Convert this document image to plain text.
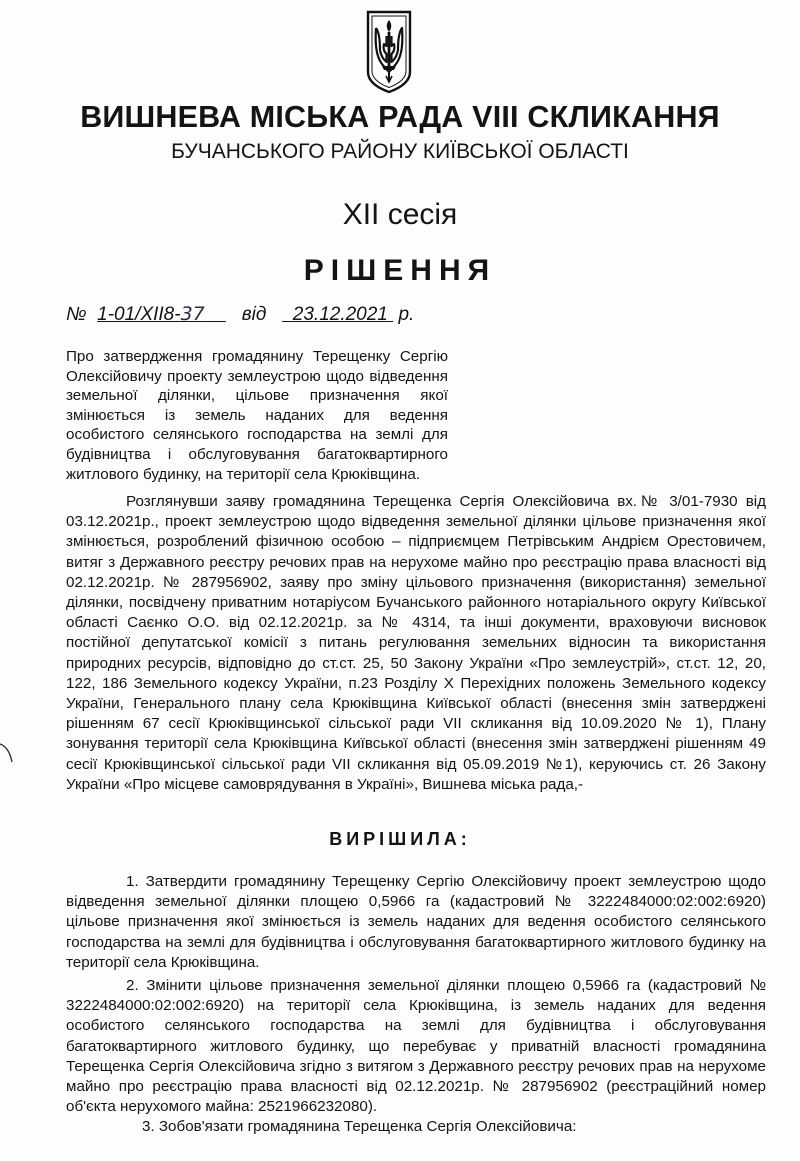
ВИШНЕВА МІСЬКА РАДА VIII СКЛИКАННЯ
БУЧАНСЬКОГО РАЙОНУ КИЇВСЬКОЇ ОБЛАСТІ
XII сесія
РІШЕННЯ
№ 1-01/XII8-37 від 23.12.2021 р.
Про затвердження громадянину Терещенку Сергію Олексійовичу проекту землеустрою щодо відведення земельної ділянки, цільове призначення якої змінюється із земель наданих для ведення особистого селянського господарства на землі для будівництва і обслуговування багатоквартирного житлового будинку, на території села Крюківщина.
Розглянувши заяву громадянина Терещенка Сергія Олексійовича вх.№ 3/01-7930 від 03.12.2021р., проект землеустрою щодо відведення земельної ділянки цільове призначення якої змінюється, розроблений фізичною особою – підприємцем Петрівським Андрієм Орестовичем, витяг з Державного реєстру речових прав на нерухоме майно про реєстрацію права власності від 02.12.2021р. № 287956902, заяву про зміну цільового призначення (використання) земельної ділянки, посвідчену приватним нотаріусом Бучанського районного нотаріального округу Київської області Саєнко О.О. від 02.12.2021р. за № 4314, та інші документи, враховуючи висновок постійної депутатської комісії з питань регулювання земельних відносин та використання природних ресурсів, відповідно до ст.ст. 25, 50 Закону України «Про землеустрій», ст.ст. 12, 20, 122, 186 Земельного кодексу України, п.23 Розділу X Перехідних положень Земельного кодексу України, Генерального плану села Крюківщина Київської області (внесення змін затверджені рішенням 67 сесії Крюківщинської сільської ради VII скликання від 10.09.2020 № 1), Плану зонування території села Крюківщина Київської області (внесення змін затверджені рішенням 49 сесії Крюківщинської сільської ради VII скликання від 05.09.2019 №1), керуючись ст. 26 Закону України «Про місцеве самоврядування в Україні», Вишнева міська рада,-
ВИРІШИЛА:
1. Затвердити громадянину Терещенку Сергію Олексійовичу проект землеустрою щодо відведення земельної ділянки площею 0,5966 га (кадастровий № 3222484000:02:002:6920) цільове призначення якої змінюється із земель наданих для ведення особистого селянського господарства на землі для будівництва і обслуговування багатоквартирного житлового будинку на території села Крюківщина.
2. Змінити цільове призначення земельної ділянки площею 0,5966 га (кадастровий № 3222484000:02:002:6920) на території села Крюківщина, із земель наданих для ведення особистого селянського господарства на землі для будівництва і обслуговування багатоквартирного житлового будинку, що перебуває у приватній власності громадянина Терещенка Сергія Олексійовича згідно з витягом з Державного реєстру речових прав на нерухоме майно про реєстрацію права власності від 02.12.2021р. № 287956902 (реєстраційний номер об'єкта нерухомого майна: 2521966232080).
3. Зобов'язати громадянина Терещенка Сергія Олексійовича:
